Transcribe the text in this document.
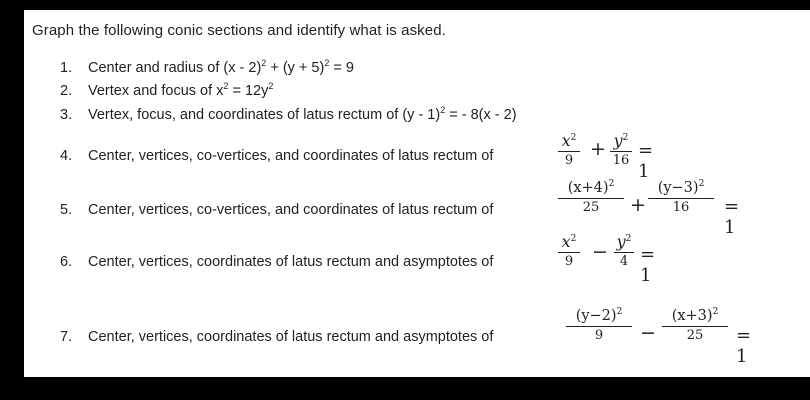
Graph the following conic sections and identify what is asked.
1. Center and radius of $(x - 2)^2 + (y + 5)^2 = 9$
2. Vertex and focus of $x^2 = 12y^2$
3. Vertex, focus, and coordinates of latus rectum of (y - 1)$^2$ = - 8(x - 2)
4. Center, vertices, co-vertices, and coordinates of latus rectum of
$x^2$
9
+ $y^2$
16 = 1
5. Center, vertices, co-vertices, and coordinates of latus rectum of
$(x+4)^2$
25	+
$(y-3)^2$
16	= 1
6. Center, vertices, coordinates of latus rectum and asymptotes of
$x^2$
$9 - y^2$
4 = 1
7. Center, vertices, coordinates of latus rectum and asymptotes of
$(y-2)^2$
9	−
$(x+3)^2$
25	= 1
